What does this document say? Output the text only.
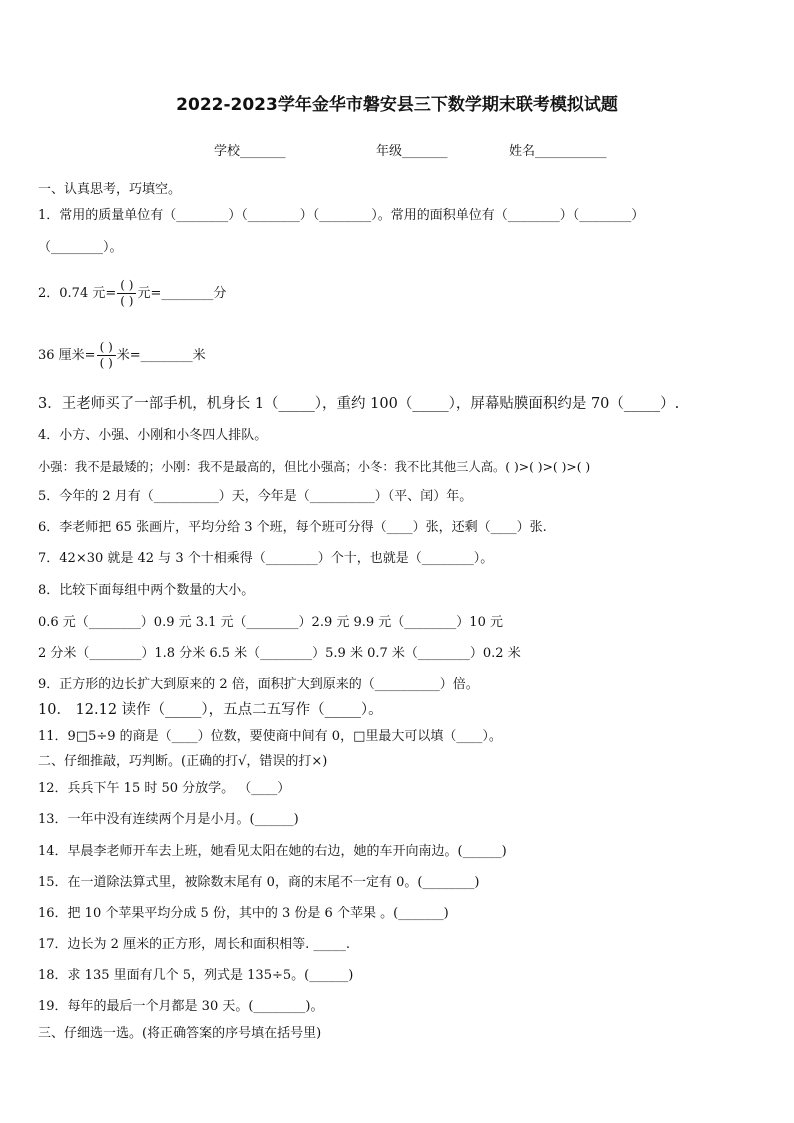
2022-2023学年金华市磐安县三下数学期末联考模拟试题
学校_______	年级_______	姓名___________
一、认真思考，巧填空。
1．常用的质量单位有（________）（________）（________）。常用的面积单位有（________）（________）
（________）。
2．0.74 元= $\frac{( )}{( )}$ 元=________分
36 厘米= $\frac{( )}{( )}$ 米=________米
3．王老师买了一部手机，机身长 1（_____），重约 100（_____），屏幕贴膜面积约是 70（_____）.
4．小方、小强、小刚和小冬四人排队。
小强：我不是最矮的；小刚：我不是最高的，但比小强高；小冬：我不比其他三人高。( )>( )>( )>( )
5．今年的 2 月有（__________）天，今年是（__________）（平、闰）年。
6．李老师把 65 张画片，平均分给 3 个班，每个班可分得（____）张，还剩（____）张.
7．42×30 就是 42 与 3 个十相乘得（________）个十，也就是（________）。
8．比较下面每组中两个数量的大小。
0.6 元（________）0.9 元 3.1 元（________）2.9 元 9.9 元（________）10 元
2 分米（________）1.8 分米 6.5 米（________）5.9 米 0.7 米（________）0.2 米
9．正方形的边长扩大到原来的 2 倍，面积扩大到原来的（__________）倍。
10． 12.12 读作（_____），五点二五写作（_____）。
11．9□5÷9 的商是（____）位数，要使商中间有 0，□里最大可以填（____）。
二、仔细推敲，巧判断。(正确的打√，错误的打×)
12．兵兵下午 15 时 50 分放学。 （____）
13．一年中没有连续两个月是小月。(______)
14．早晨李老师开车去上班，她看见太阳在她的右边，她的车开向南边。(______)
15．在一道除法算式里，被除数末尾有 0，商的末尾不一定有 0。(________)
16．把 10 个苹果平均分成 5 份，其中的 3 份是 6 个苹果 。(_______)
17．边长为 2 厘米的正方形，周长和面积相等. _____.
18．求 135 里面有几个 5，列式是 135÷5。(______)
19．每年的最后一个月都是 30 天。(________)。
三、仔细选一选。(将正确答案的序号填在括号里)
